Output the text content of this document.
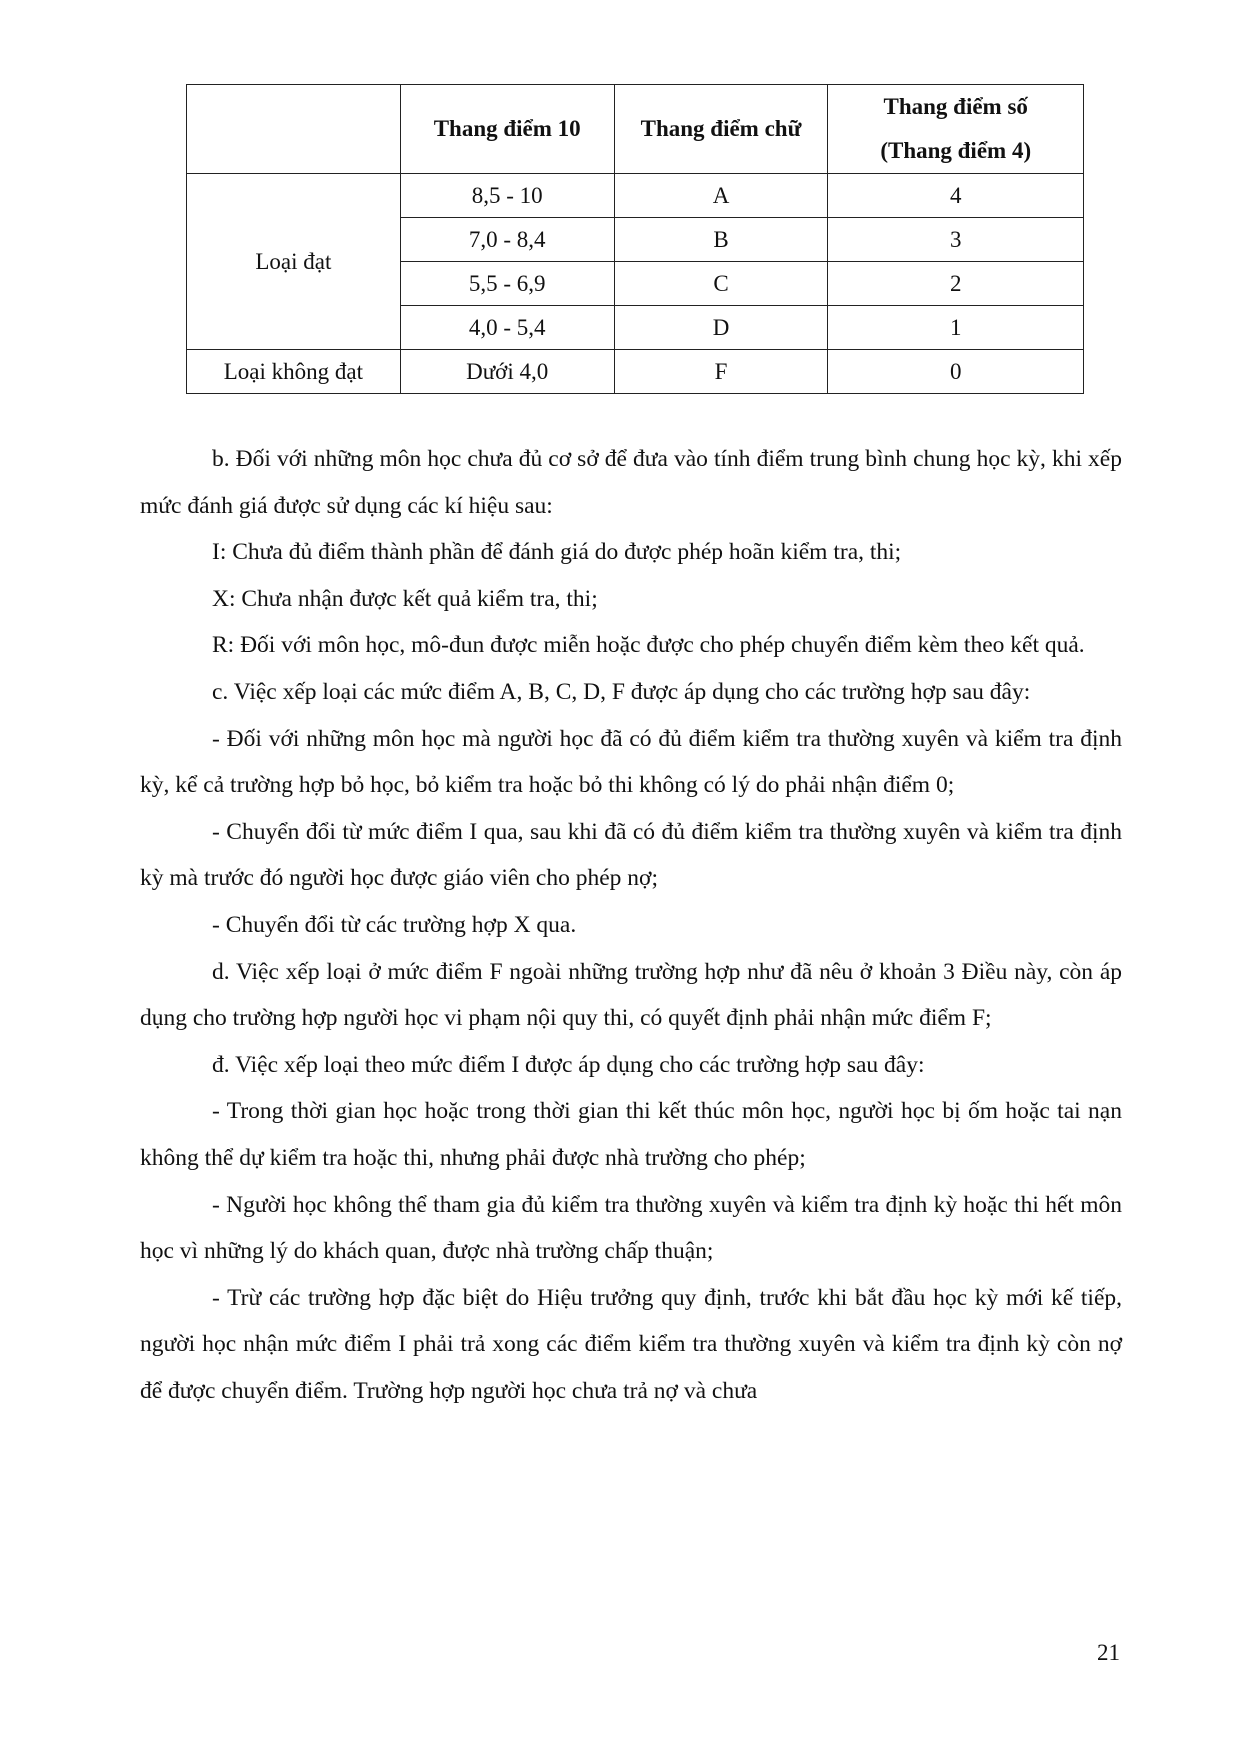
	Thang điểm 10	Thang điểm chữ	Thang điểm số
(Thang điểm 4)
Loại đạt	8,5 - 10	A	4
	7,0 - 8,4	B	3
	5,5 - 6,9	C	2
	4,0 - 5,4	D	1
Loại không đạt	Dưới 4,0	F	0

b. Đối với những môn học chưa đủ cơ sở để đưa vào tính điểm trung bình chung học kỳ, khi xếp mức đánh giá được sử dụng các kí hiệu sau:

I: Chưa đủ điểm thành phần để đánh giá do được phép hoãn kiểm tra, thi;

X: Chưa nhận được kết quả kiểm tra, thi;

R: Đối với môn học, mô-đun được miễn hoặc được cho phép chuyển điểm kèm theo kết quả.

c. Việc xếp loại các mức điểm A, B, C, D, F được áp dụng cho các trường hợp sau đây:

- Đối với những môn học mà người học đã có đủ điểm kiểm tra thường xuyên và kiểm tra định kỳ, kể cả trường hợp bỏ học, bỏ kiểm tra hoặc bỏ thi không có lý do phải nhận điểm 0;

- Chuyển đổi từ mức điểm I qua, sau khi đã có đủ điểm kiểm tra thường xuyên và kiểm tra định kỳ mà trước đó người học được giáo viên cho phép nợ;

- Chuyển đổi từ các trường hợp X qua.

d. Việc xếp loại ở mức điểm F ngoài những trường hợp như đã nêu ở khoản 3 Điều này, còn áp dụng cho trường hợp người học vi phạm nội quy thi, có quyết định phải nhận mức điểm F;

đ. Việc xếp loại theo mức điểm I được áp dụng cho các trường hợp sau đây:

- Trong thời gian học hoặc trong thời gian thi kết thúc môn học, người học bị ốm hoặc tai nạn không thể dự kiểm tra hoặc thi, nhưng phải được nhà trường cho phép;

- Người học không thể tham gia đủ kiểm tra thường xuyên và kiểm tra định kỳ hoặc thi hết môn học vì những lý do khách quan, được nhà trường chấp thuận;

- Trừ các trường hợp đặc biệt do Hiệu trưởng quy định, trước khi bắt đầu học kỳ mới kế tiếp, người học nhận mức điểm I phải trả xong các điểm kiểm tra thường xuyên và kiểm tra định kỳ còn nợ để được chuyển điểm. Trường hợp người học chưa trả nợ và chưa

21
